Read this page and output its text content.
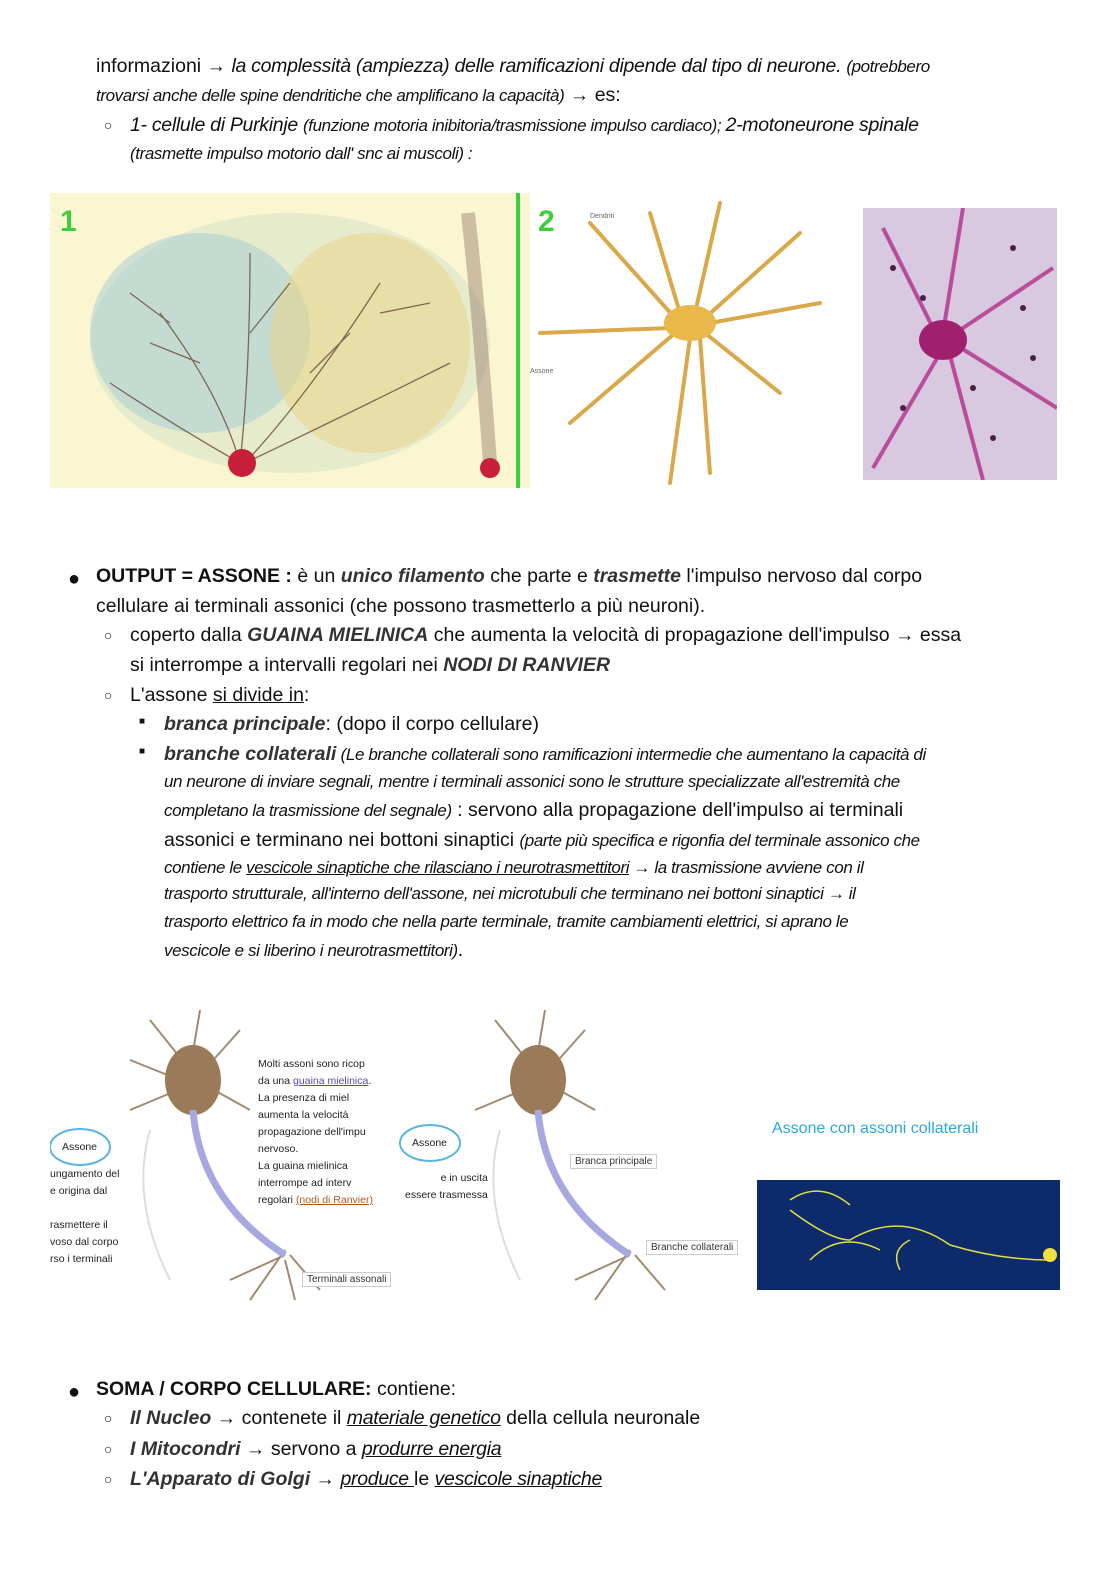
informazioni → la complessità (ampiezza) delle ramificazioni dipende dal tipo di neurone. (potrebbero
trovarsi anche delle spine dendritiche che amplificano la capacità) → es:
○ 1- cellule di Purkinje (funzione motoria inibitoria/trasmissione impulso cardiaco); 2-motoneurone spinale
(trasmette impulso motorio dall' snc ai muscoli) :
1	2	Dendriti
Assone
● OUTPUT = ASSONE : è un unico filamento che parte e trasmette l'impulso nervoso dal corpo
cellulare ai terminali assonici (che possono trasmetterlo a più neuroni).
○ coperto dalla GUAINA MIELINICA che aumenta la velocità di propagazione dell'impulso → essa
si interrompe a intervalli regolari nei NODI DI RANVIER
○ L'assone si divide in:
■ branca principale: (dopo il corpo cellulare)
■ branche collaterali (Le branche collaterali sono ramificazioni intermedie che aumentano la capacità di
un neurone di inviare segnali, mentre i terminali assonici sono le strutture specializzate all'estremità che
completano la trasmissione del segnale) : servono alla propagazione dell'impulso ai terminali
assonici e terminano nei bottoni sinaptici (parte più specifica e rigonfia del terminale assonico che
contiene le vescicole sinaptiche che rilasciano i neurotrasmettitori → la trasmissione avviene con il
trasporto strutturale, all'interno dell'assone, nei microtubuli che terminano nei bottoni sinaptici → il
trasporto elettrico fa in modo che nella parte terminale, tramite cambiamenti elettrici, si aprano le
vescicole e si liberino i neurotrasmettitori).
Assone	Assone
ungamento del
e origina dal

rasmettere il
voso dal corpo
rso i terminali
Molti assoni sono ricop
da una guaina mielinica.
La presenza di miel
aumenta la velocità
propagazione dell'impu
nervoso.
La guaina mielinica
interrompe ad interv
regolari (nodi di Ranvier)
e in uscita
essere trasmessa
Terminali assonali
Branca principale
Branche collaterali
Assone con assoni collaterali
● SOMA / CORPO CELLULARE: contiene:
○ Il Nucleo → contenete il materiale genetico della cellula neuronale
○ I Mitocondri → servono a produrre energia
○ L'Apparato di Golgi → produce le vescicole sinaptiche
